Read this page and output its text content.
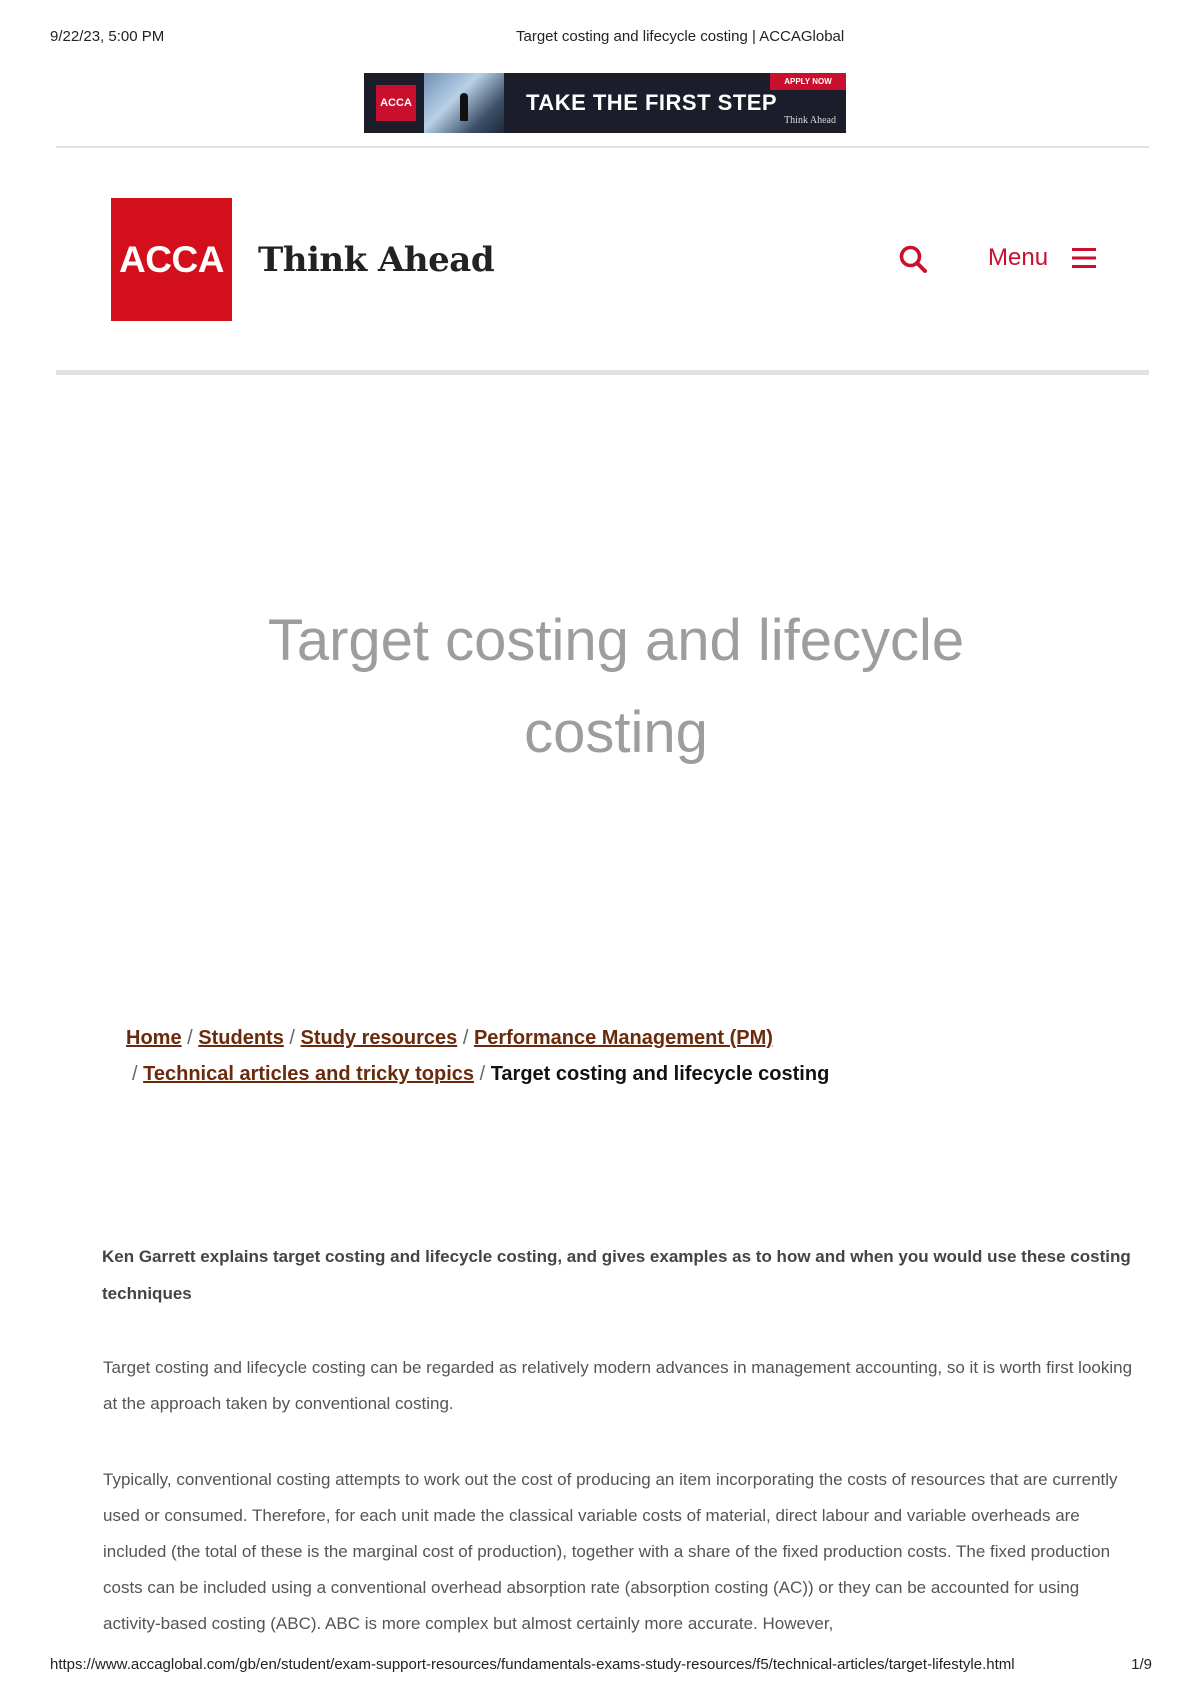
9/22/23, 5:00 PM	Target costing and lifecycle costing | ACCAGlobal
ACCA	TAKE THE FIRST STEP
APPLY NOW
Think Ahead
ACCA Think Ahead	Menu
Target costing and lifecycle
costing
Home / Students / Study resources / Performance Management (PM)
/ Technical articles and tricky topics / Target costing and lifecycle costing

Ken Garrett explains target costing and lifecycle costing, and gives examples as to how and when you would use these costing techniques

Target costing and lifecycle costing can be regarded as relatively modern advances in management accounting, so it is worth first looking at the approach taken by conventional costing.

Typically, conventional costing attempts to work out the cost of producing an item incorporating the costs of resources that are currently used or consumed. Therefore, for each unit made the classical variable costs of material, direct labour and variable overheads are included (the total of these is the marginal cost of production), together with a share of the fixed production costs. The fixed production costs can be included using a conventional overhead absorption rate (absorption costing (AC)) or they can be accounted for using activity-based costing (ABC). ABC is more complex but almost certainly more accurate. However,

https://www.accaglobal.com/gb/en/student/exam-support-resources/fundamentals-exams-study-resources/f5/technical-articles/target-lifestyle.html	1/9
